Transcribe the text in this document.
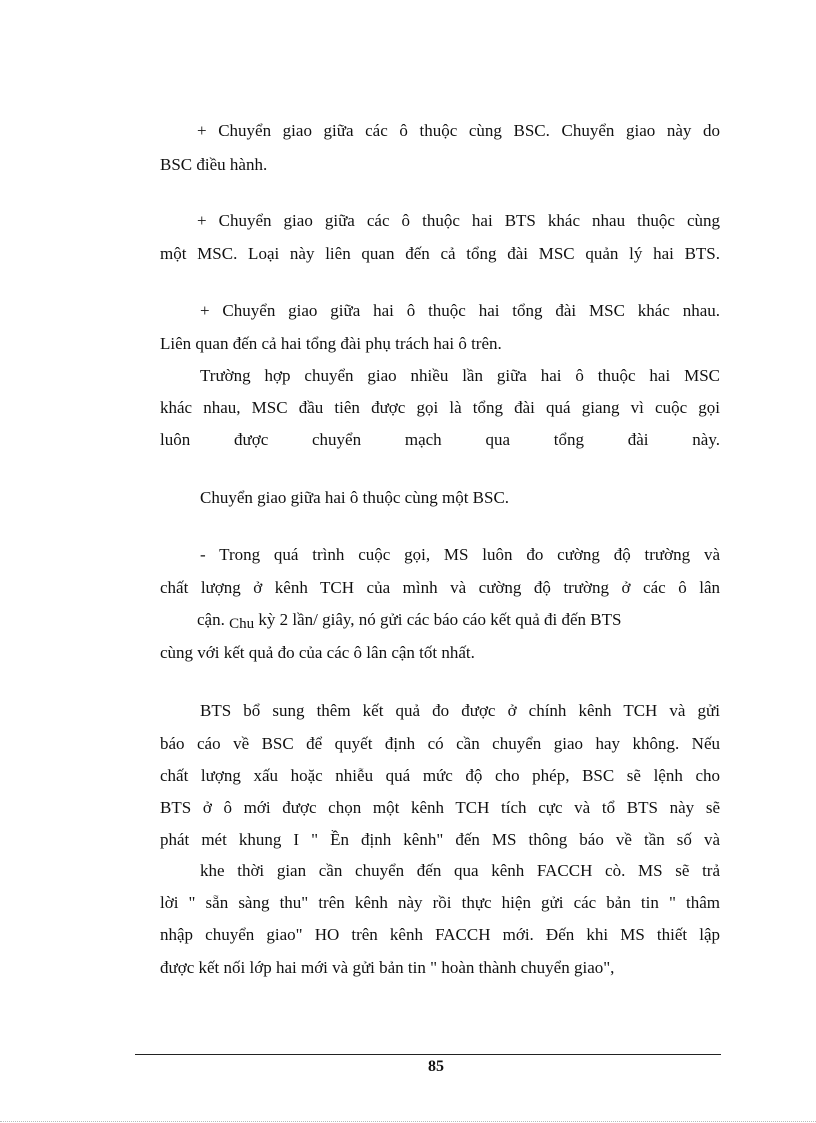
+ Chuyển giao giữa các ô thuộc cùng BSC. Chuyển giao này do
BSC điều hành.
+ Chuyển giao giữa các ô thuộc hai BTS khác nhau thuộc cùng
một MSC. Loại này liên quan đến cả tổng đài MSC quản lý hai BTS.
+ Chuyển giao giữa hai ô thuộc hai tổng đài MSC khác nhau.
Liên quan đến cả hai tổng đài phụ trách hai ô trên.
Trường hợp chuyển giao nhiều lần giữa hai ô thuộc hai MSC
khác nhau, MSC đầu tiên được gọi là tổng đài quá giang vì cuộc gọi
luôn được chuyển mạch qua tổng đài này.
Chuyển giao giữa hai ô thuộc cùng một BSC.
- Trong quá trình cuộc gọi, MS luôn đo cường độ trường và
chất lượng ở kênh TCH của mình và cường độ trường ở các ô lân
cận. Chu kỳ 2 lần/ giây, nó gửi các báo cáo kết quả đi đến BTS
cùng với kết quả đo của các ô lân cận tốt nhất.
BTS bổ sung thêm kết quả đo được ở chính kênh TCH và gửi
báo cáo về BSC để quyết định có cần chuyển giao hay không. Nếu
chất lượng xấu hoặc nhiễu quá mức độ cho phép, BSC sẽ lệnh cho
BTS ở ô mới được chọn một kênh TCH tích cực và tổ BTS này sẽ
phát mét khung I " Ền định kênh" đến MS thông báo về tần số và
khe thời gian cần chuyển đến qua kênh FACCH cò. MS sẽ trả
lời " sẵn sàng thu" trên kênh này rồi thực hiện gửi các bản tin " thâm
nhập chuyển giao" HO trên kênh FACCH mới. Đến khi MS thiết lập
được kết nối lớp hai mới và gửi bản tin " hoàn thành chuyển giao",
85
